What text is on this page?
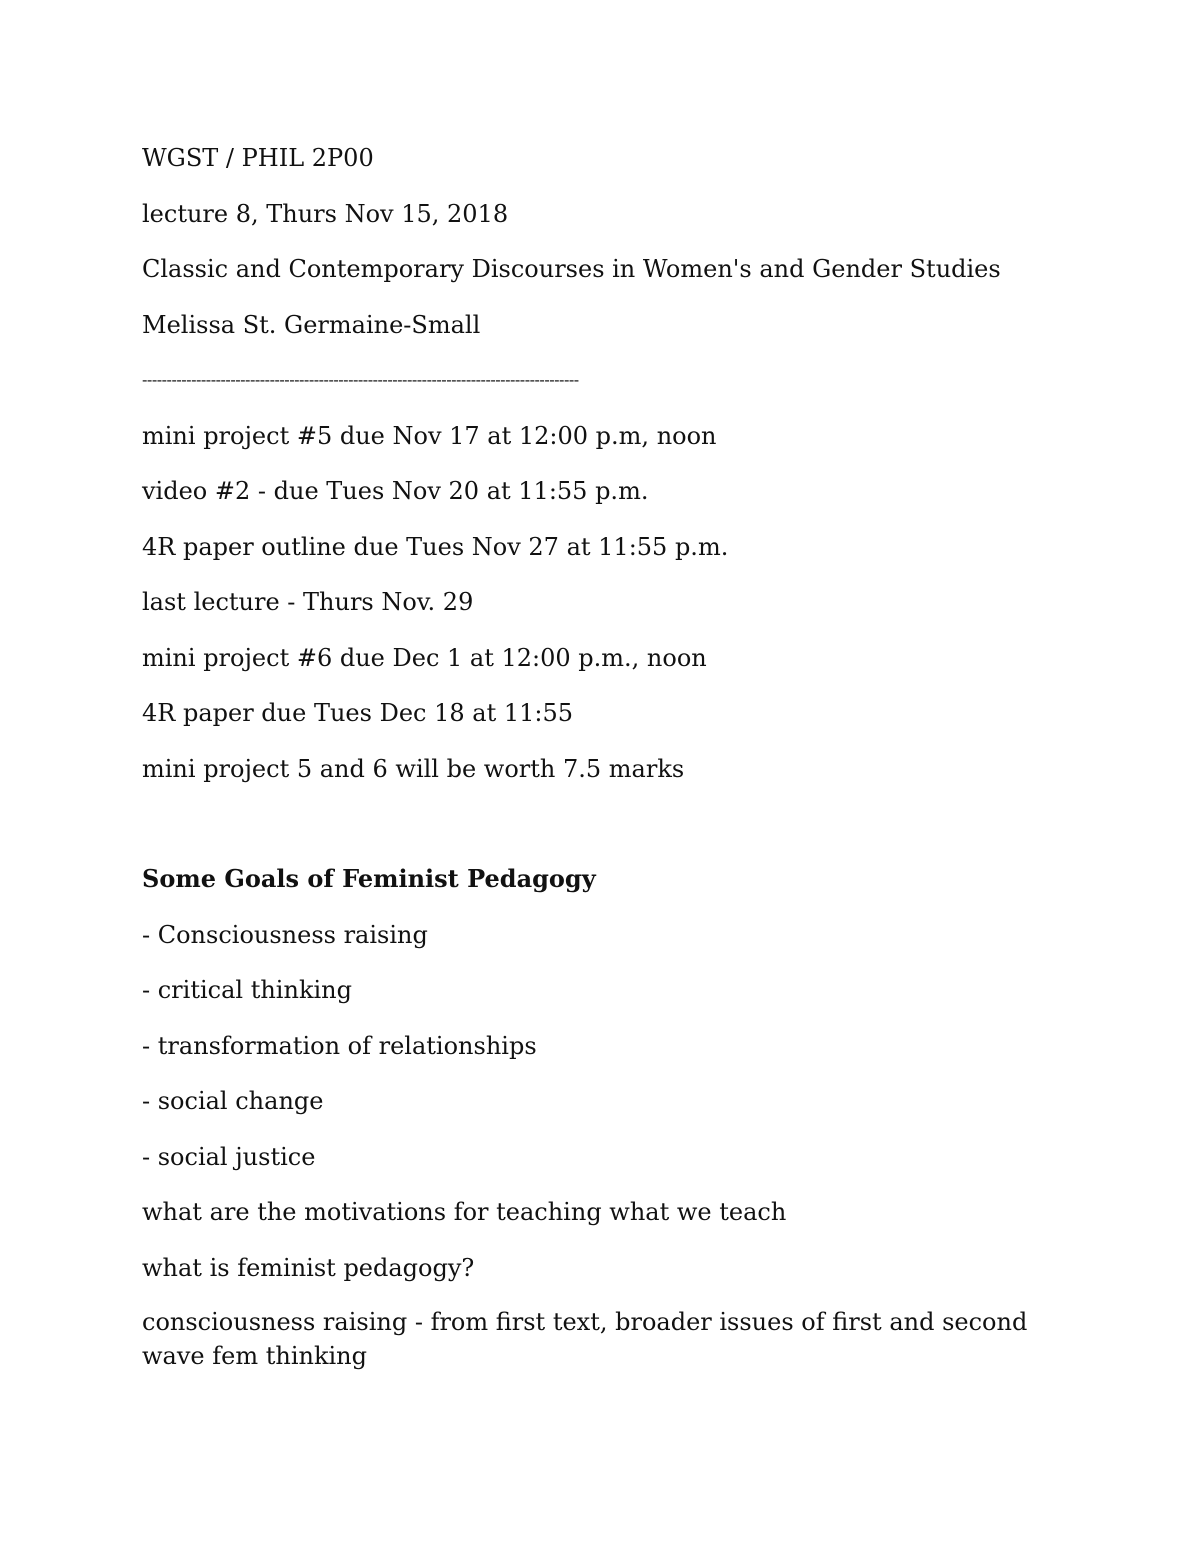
WGST / PHIL 2P00

lecture 8, Thurs Nov 15, 2018

Classic and Contemporary Discourses in Women's and Gender Studies

Melissa St. Germaine-Small

-----------------------------------------------------------------------------------------

mini project #5 due Nov 17 at 12:00 p.m, noon

video #2 - due Tues Nov 20 at 11:55 p.m.

4R paper outline due Tues Nov 27 at 11:55 p.m.

last lecture - Thurs Nov. 29

mini project #6 due Dec 1 at 12:00 p.m., noon

4R paper due Tues Dec 18 at 11:55

mini project 5 and 6 will be worth 7.5 marks

Some Goals of Feminist Pedagogy

- Consciousness raising

- critical thinking

- transformation of relationships

- social change

- social justice

what are the motivations for teaching what we teach

what is feminist pedagogy?

consciousness raising - from first text, broader issues of first and second wave fem thinking
